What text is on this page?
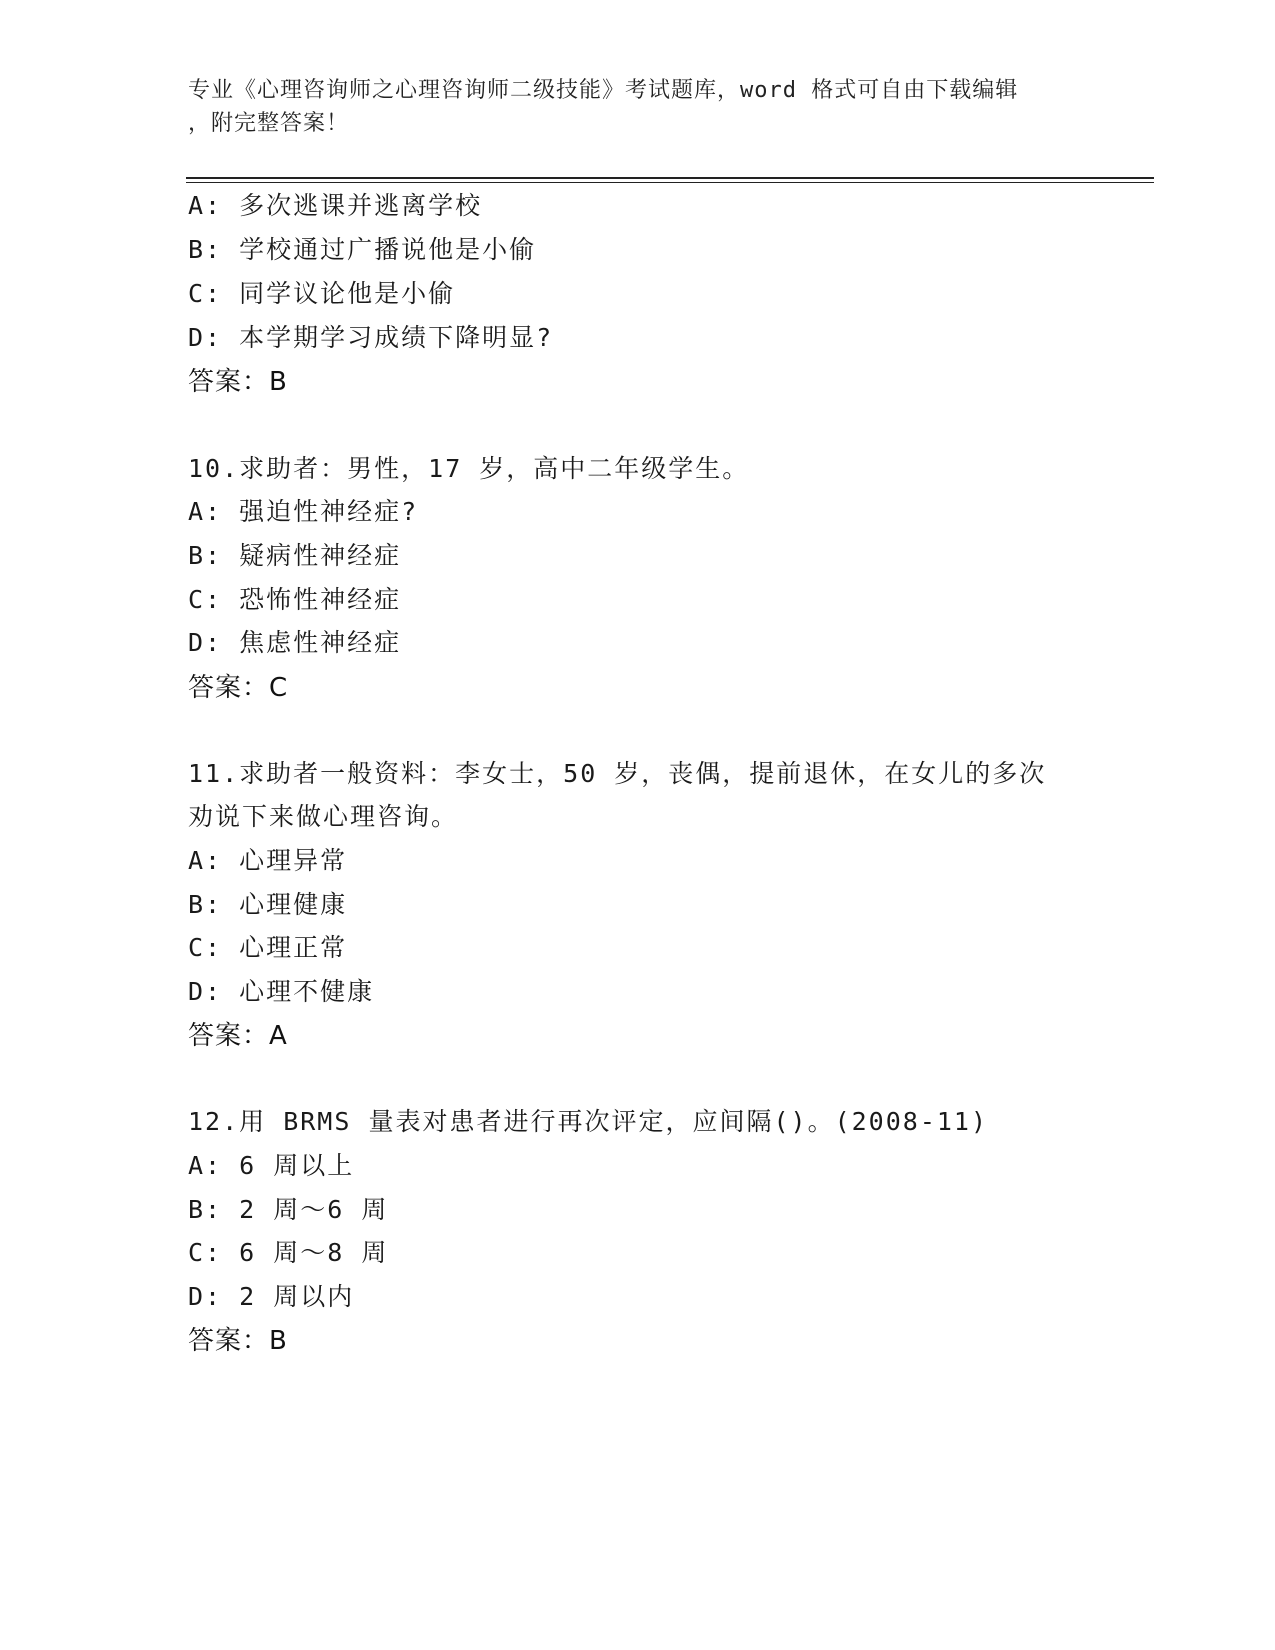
专业《心理咨询师之心理咨询师二级技能》考试题库，word 格式可自由下载编辑
，附完整答案！
A: 多次逃课并逃离学校
B: 学校通过广播说他是小偷
C: 同学议论他是小偷
D: 本学期学习成绩下降明显?
答案：B
10.求助者：男性，17 岁，高中二年级学生。
A: 强迫性神经症?
B: 疑病性神经症
C: 恐怖性神经症
D: 焦虑性神经症
答案：C
11.求助者一般资料：李女士，50 岁，丧偶，提前退休，在女儿的多次
劝说下来做心理咨询。
A: 心理异常
B: 心理健康
C: 心理正常
D: 心理不健康
答案：A
12.用 BRMS 量表对患者进行再次评定，应间隔()。(2008-11)
A: 6 周以上
B: 2 周～6 周
C: 6 周～8 周
D: 2 周以内
答案：B
